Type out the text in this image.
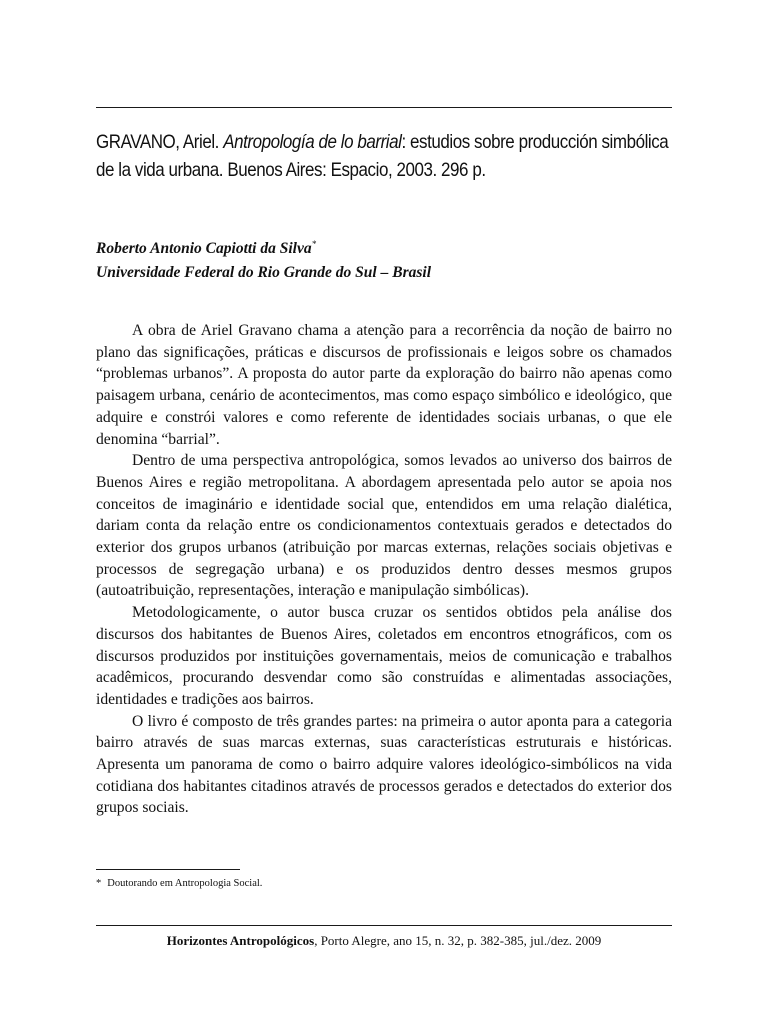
GRAVANO, Ariel. Antropología de lo barrial: estudios sobre producción simbólica de la vida urbana. Buenos Aires: Espacio, 2003. 296 p.
Roberto Antonio Capiotti da Silva*
Universidade Federal do Rio Grande do Sul – Brasil

A obra de Ariel Gravano chama a atenção para a recorrência da noção de bairro no plano das significações, práticas e discursos de profissionais e leigos sobre os chamados “problemas urbanos”. A proposta do autor parte da exploração do bairro não apenas como paisagem urbana, cenário de acontecimentos, mas como espaço simbólico e ideológico, que adquire e constrói valores e como referente de identidades sociais urbanas, o que ele denomina “barrial”.

Dentro de uma perspectiva antropológica, somos levados ao universo dos bairros de Buenos Aires e região metropolitana. A abordagem apresentada pelo autor se apoia nos conceitos de imaginário e identidade social que, entendidos em uma relação dialética, dariam conta da relação entre os condicionamentos contextuais gerados e detectados do exterior dos grupos urbanos (atribuição por marcas externas, relações sociais objetivas e processos de segregação urbana) e os produzidos dentro desses mesmos grupos (autoatribuição, representações, interação e manipulação simbólicas).

Metodologicamente, o autor busca cruzar os sentidos obtidos pela análise dos discursos dos habitantes de Buenos Aires, coletados em encontros etnográficos, com os discursos produzidos por instituições governamentais, meios de comunicação e trabalhos acadêmicos, procurando desvendar como são construídas e alimentadas associações, identidades e tradições aos bairros.

O livro é composto de três grandes partes: na primeira o autor aponta para a categoria bairro através de suas marcas externas, suas características estruturais e históricas. Apresenta um panorama de como o bairro adquire valores ideológico-simbólicos na vida cotidiana dos habitantes citadinos através de processos gerados e detectados do exterior dos grupos sociais.

* Doutorando em Antropologia Social.
Horizontes Antropológicos, Porto Alegre, ano 15, n. 32, p. 382-385, jul./dez. 2009
